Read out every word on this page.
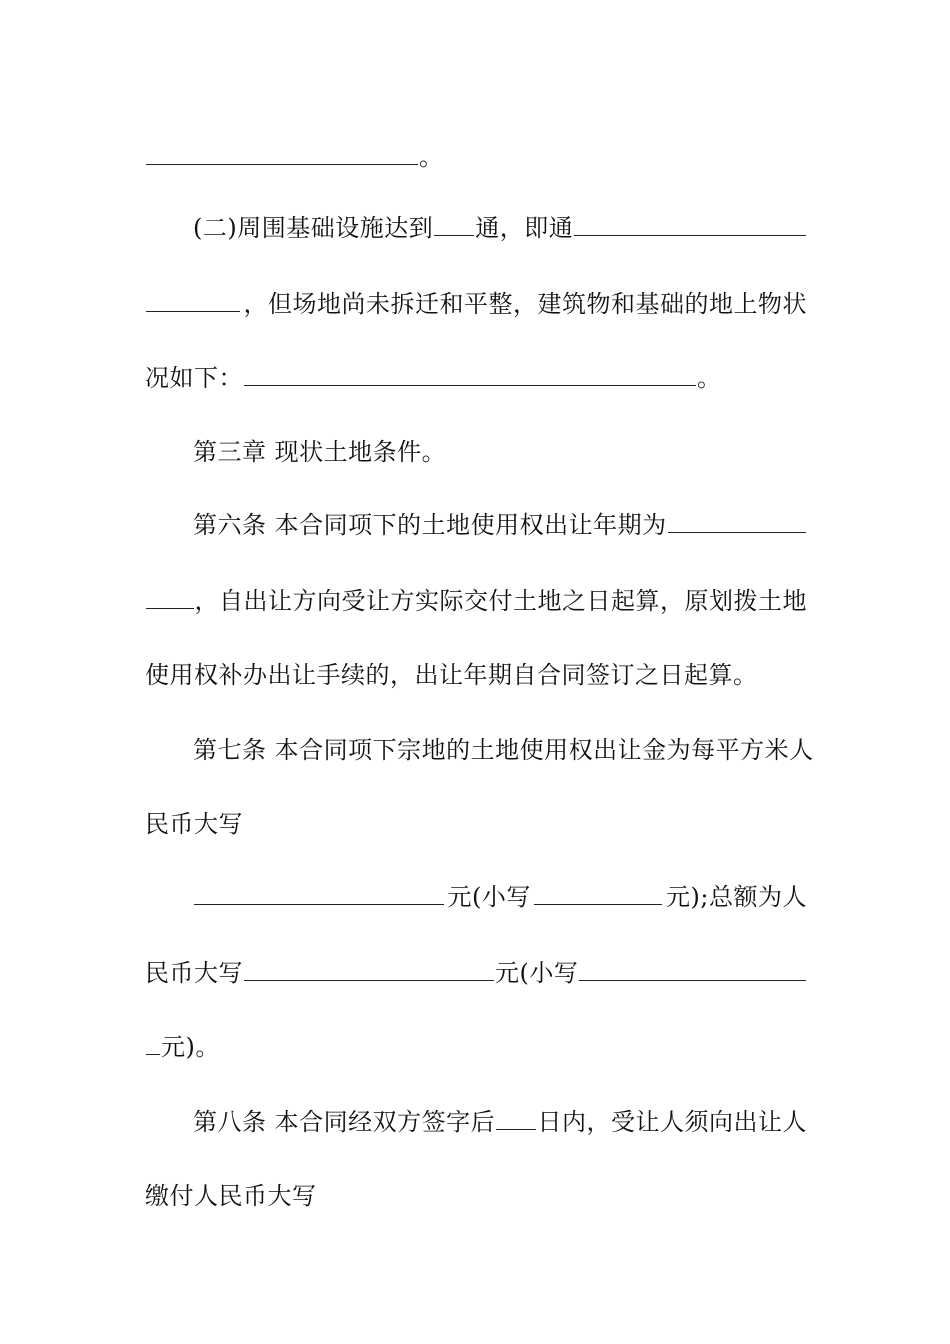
。
(二)周围基础设施达到 通，即通
，但场地尚未拆迁和平整，建筑物和基础的地上物状
况如下：	。
第三章 现状土地条件。
第六条 本合同项下的土地使用权出让年期为
，自出让方向受让方实际交付土地之日起算，原划拨土地
使用权补办出让手续的，出让年期自合同签订之日起算。
第七条 本合同项下宗地的土地使用权出让金为每平方米人
民币大写
元(小写	元);总额为人
民币大写	元(小写
元)。
第八条 本合同经双方签字后 日内，受让人须向出让人
缴付人民币大写
